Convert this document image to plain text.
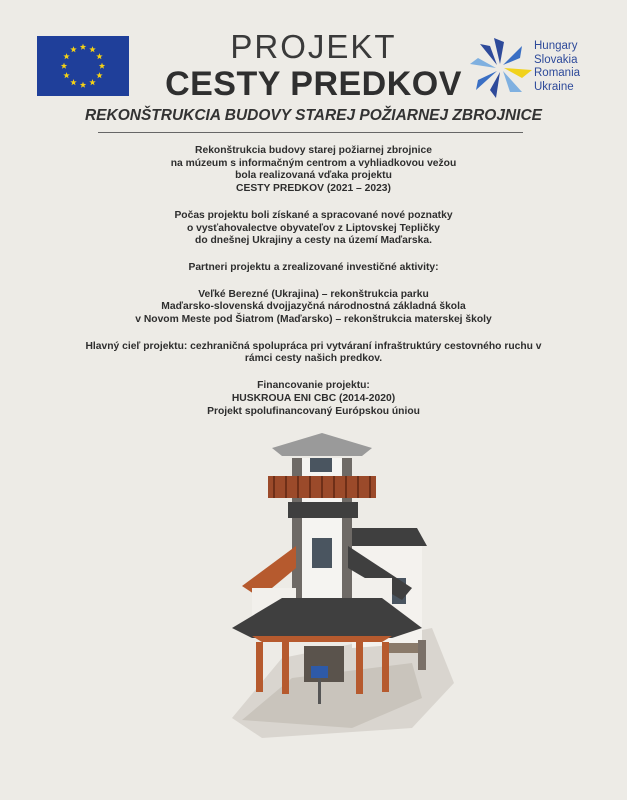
PROJEKT
CESTY PREDKOV
REKONŠTRUKCIA BUDOVY STAREJ POŽIARNEJ ZBROJNICE
Hungary
Slovakia
Romania
Ukraine

Rekonštrukcia budovy starej požiarnej zbrojnice
na múzeum s informačným centrom a vyhliadkovou vežou
bola realizovaná vďaka projektu
CESTY PREDKOV (2021 – 2023)

Počas projektu boli získané a spracované nové poznatky
o vysťahovalectve obyvateľov z Liptovskej Tepličky
do dnešnej Ukrajiny a cesty na území Maďarska.

Partneri projektu a zrealizované investičné aktivity:

Veľké Berezné (Ukrajina) – rekonštrukcia parku
Maďarsko-slovenská dvojjazyčná národnostná základná škola
v Novom Meste pod Šiatrom (Maďarsko) – rekonštrukcia materskej školy

Hlavný cieľ projektu: cezhraničná spolupráca pri vytváraní infraštruktúry cestovného ruchu v
rámci cesty našich predkov.

Financovanie projektu:
HUSKROUA ENI CBC (2014-2020)
Projekt spolufinancovaný Európskou úniou
